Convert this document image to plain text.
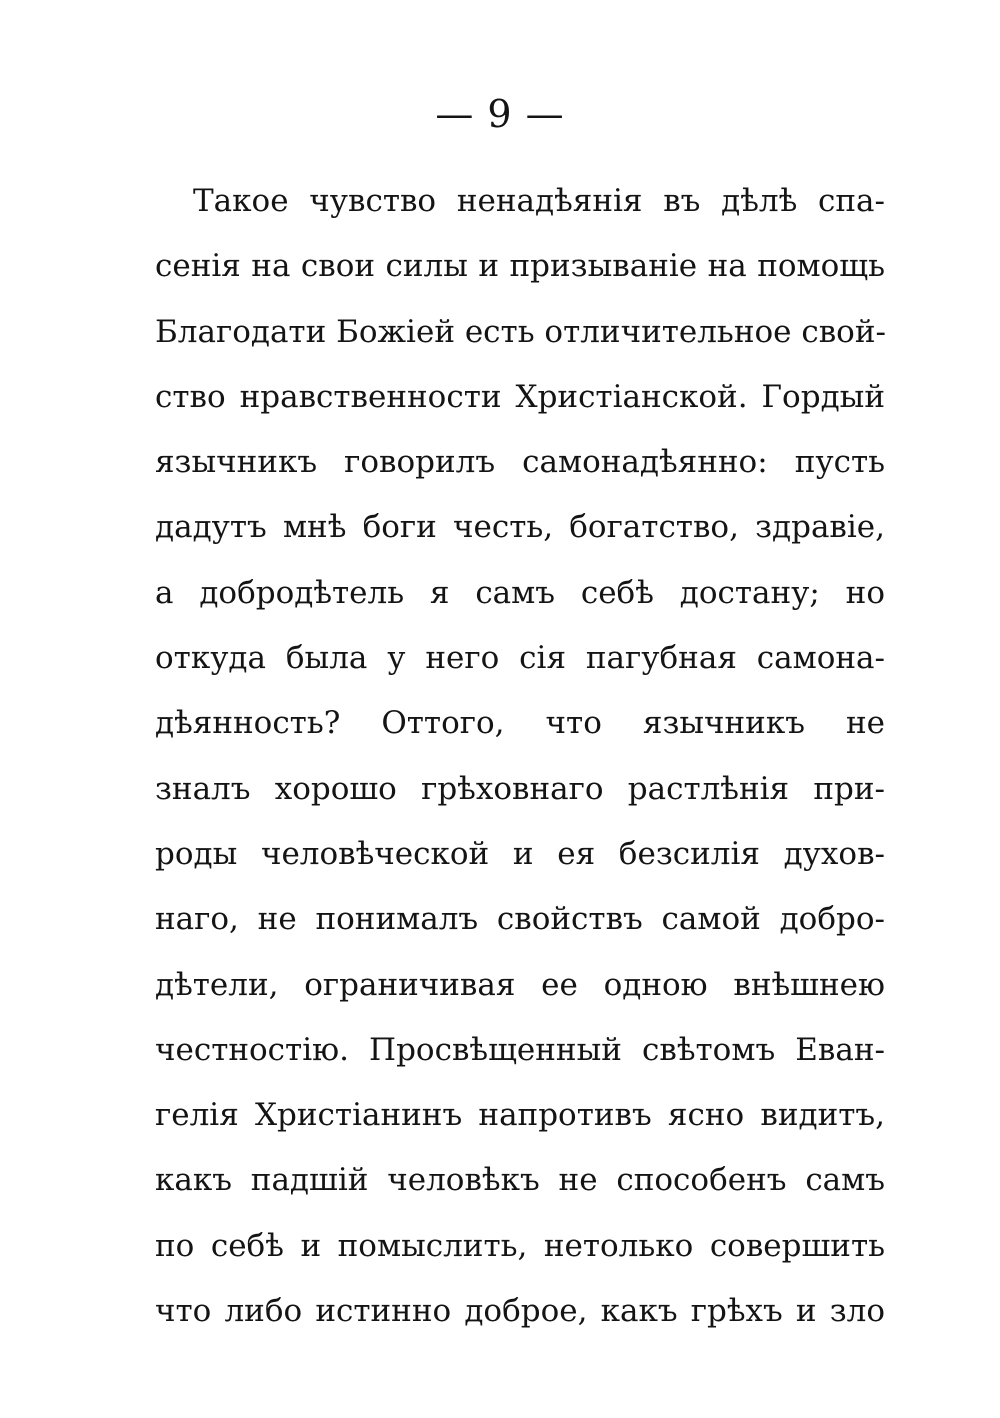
— 9 —
Такое чувство ненадѣянія въ дѣлѣ спа-
сенія на свои силы и призываніе на помощь
Благодати Божіей есть отличительное свой-
ство нравственности Христіанской. Гордый
язычникъ говорилъ самонадѣянно: пусть
дадутъ мнѣ боги честь, богатство, здравіе,
а добродѣтель я самъ себѣ достану; но
откуда была у него сія пагубная самона-
дѣянность? Оттого, что язычникъ не
зналъ хорошо грѣховнаго растлѣнія при-
роды человѣческой и ея безсилія духов-
наго, не понималъ свойствъ самой добро-
дѣтели, ограничивая ее одною внѣшнею
честностію. Просвѣщенный свѣтомъ Еван-
гелія Христіанинъ напротивъ ясно видитъ,
какъ падшій человѣкъ не способенъ самъ
по себѣ и помыслить, нетолько совершить
что либо истинно доброе, какъ грѣхъ и зло
